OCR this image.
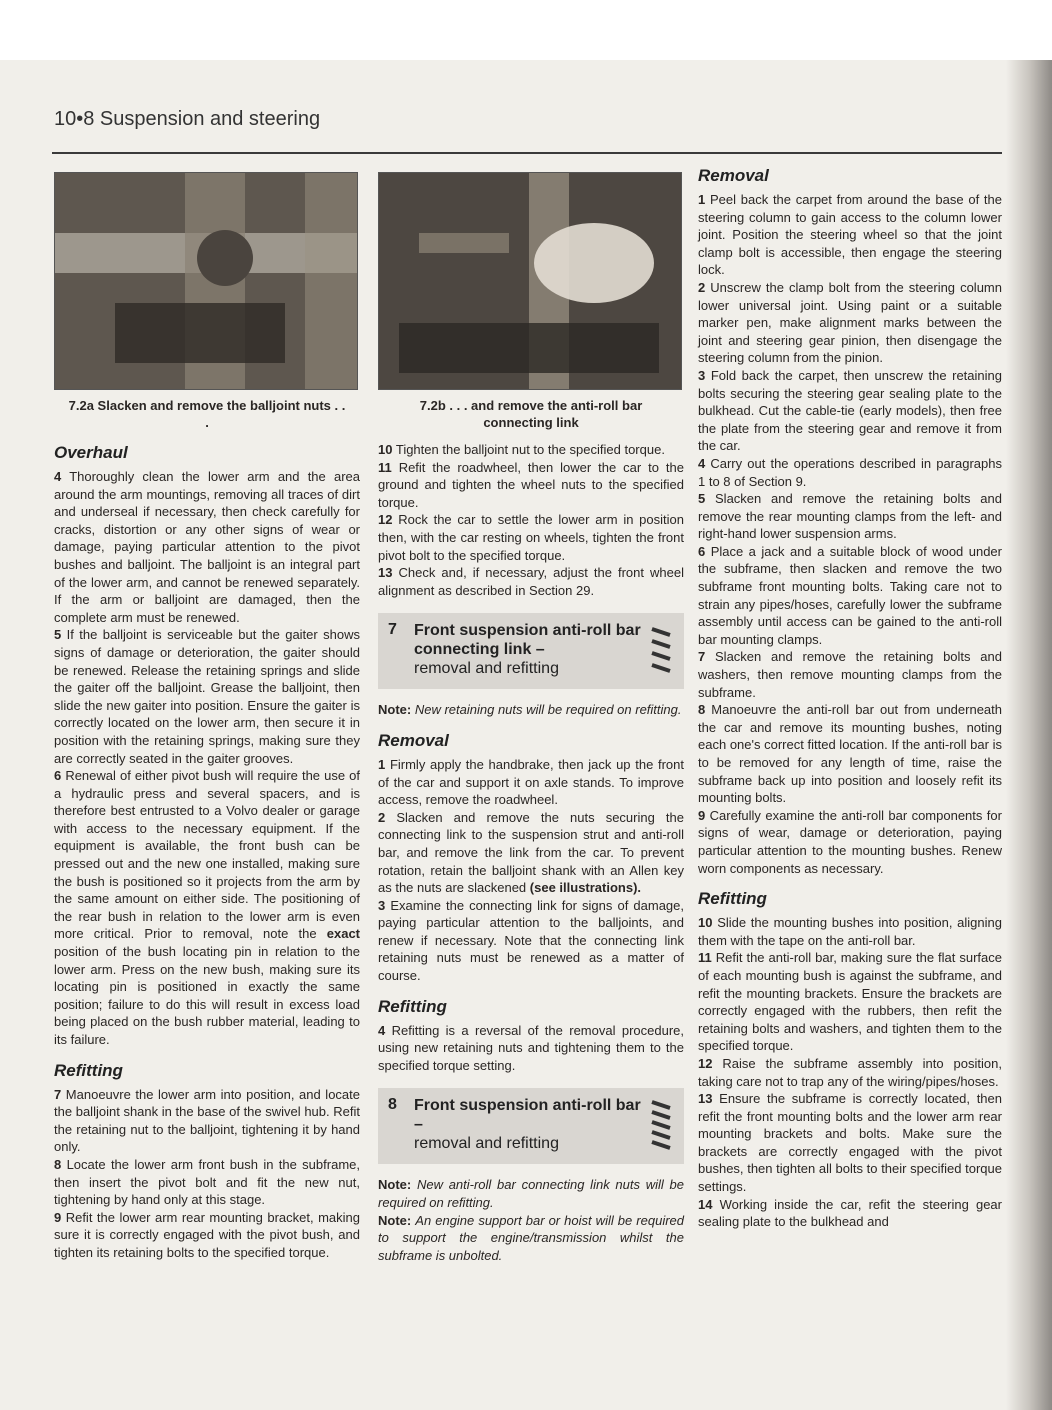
10•8 Suspension and steering
7.2a Slacken and remove the balljoint nuts . . .
Overhaul

4 Thoroughly clean the lower arm and the area around the arm mountings, removing all traces of dirt and underseal if necessary, then check carefully for cracks, distortion or any other signs of wear or damage, paying particular attention to the pivot bushes and balljoint. The balljoint is an integral part of the lower arm, and cannot be renewed separately. If the arm or balljoint are damaged, then the complete arm must be renewed.

5 If the balljoint is serviceable but the gaiter shows signs of damage or deterioration, the gaiter should be renewed. Release the retaining springs and slide the gaiter off the balljoint. Grease the balljoint, then slide the new gaiter into position. Ensure the gaiter is correctly located on the lower arm, then secure it in position with the retaining springs, making sure they are correctly seated in the gaiter grooves.

6 Renewal of either pivot bush will require the use of a hydraulic press and several spacers, and is therefore best entrusted to a Volvo dealer or garage with access to the necessary equipment. If the equipment is available, the front bush can be pressed out and the new one installed, making sure the bush is positioned so it projects from the arm by the same amount on either side. The positioning of the rear bush in relation to the lower arm is even more critical. Prior to removal, note the exact position of the bush locating pin in relation to the lower arm. Press on the new bush, making sure its locating pin is positioned in exactly the same position; failure to do this will result in excess load being placed on the bush rubber material, leading to its failure.

Refitting

7 Manoeuvre the lower arm into position, and locate the balljoint shank in the base of the swivel hub. Refit the retaining nut to the balljoint, tightening it by hand only.

8 Locate the lower arm front bush in the subframe, then insert the pivot bolt and fit the new nut, tightening by hand only at this stage.

9 Refit the lower arm rear mounting bracket, making sure it is correctly engaged with the pivot bush, and tighten its retaining bolts to the specified torque.

7.2b . . . and remove the anti-roll bar connecting link

10 Tighten the balljoint nut to the specified torque.

11 Refit the roadwheel, then lower the car to the ground and tighten the wheel nuts to the specified torque.

12 Rock the car to settle the lower arm in position then, with the car resting on wheels, tighten the front pivot bolt to the specified torque.

13 Check and, if necessary, adjust the front wheel alignment as described in Section 29.

7	Front suspension anti-roll bar connecting link –
removal and refitting

Note: New retaining nuts will be required on refitting.

Removal

1 Firmly apply the handbrake, then jack up the front of the car and support it on axle stands. To improve access, remove the roadwheel.

2 Slacken and remove the nuts securing the connecting link to the suspension strut and anti-roll bar, and remove the link from the car. To prevent rotation, retain the balljoint shank with an Allen key as the nuts are slackened (see illustrations).

3 Examine the connecting link for signs of damage, paying particular attention to the balljoints, and renew if necessary. Note that the connecting link retaining nuts must be renewed as a matter of course.

Refitting

4 Refitting is a reversal of the removal procedure, using new retaining nuts and tightening them to the specified torque setting.

8	Front suspension anti-roll bar –
removal and refitting

Note: New anti-roll bar connecting link nuts will be required on refitting.

Note: An engine support bar or hoist will be required to support the engine/transmission whilst the subframe is unbolted.

Removal

1 Peel back the carpet from around the base of the steering column to gain access to the column lower joint. Position the steering wheel so that the joint clamp bolt is accessible, then engage the steering lock.

2 Unscrew the clamp bolt from the steering column lower universal joint. Using paint or a suitable marker pen, make alignment marks between the joint and steering gear pinion, then disengage the steering column from the pinion.

3 Fold back the carpet, then unscrew the retaining bolts securing the steering gear sealing plate to the bulkhead. Cut the cable-tie (early models), then free the plate from the steering gear and remove it from the car.

4 Carry out the operations described in paragraphs 1 to 8 of Section 9.

5 Slacken and remove the retaining bolts and remove the rear mounting clamps from the left- and right-hand lower suspension arms.

6 Place a jack and a suitable block of wood under the subframe, then slacken and remove the two subframe front mounting bolts. Taking care not to strain any pipes/hoses, carefully lower the subframe assembly until access can be gained to the anti-roll bar mounting clamps.

7 Slacken and remove the retaining bolts and washers, then remove mounting clamps from the subframe.

8 Manoeuvre the anti-roll bar out from underneath the car and remove its mounting bushes, noting each one's correct fitted location. If the anti-roll bar is to be removed for any length of time, raise the subframe back up into position and loosely refit its mounting bolts.

9 Carefully examine the anti-roll bar components for signs of wear, damage or deterioration, paying particular attention to the mounting bushes. Renew worn components as necessary.

Refitting

10 Slide the mounting bushes into position, aligning them with the tape on the anti-roll bar.

11 Refit the anti-roll bar, making sure the flat surface of each mounting bush is against the subframe, and refit the mounting brackets. Ensure the brackets are correctly engaged with the rubbers, then refit the retaining bolts and washers, and tighten them to the specified torque.

12 Raise the subframe assembly into position, taking care not to trap any of the wiring/pipes/hoses.

13 Ensure the subframe is correctly located, then refit the front mounting bolts and the lower arm rear mounting brackets and bolts. Make sure the brackets are correctly engaged with the pivot bushes, then tighten all bolts to their specified torque settings.

14 Working inside the car, refit the steering gear sealing plate to the bulkhead and
